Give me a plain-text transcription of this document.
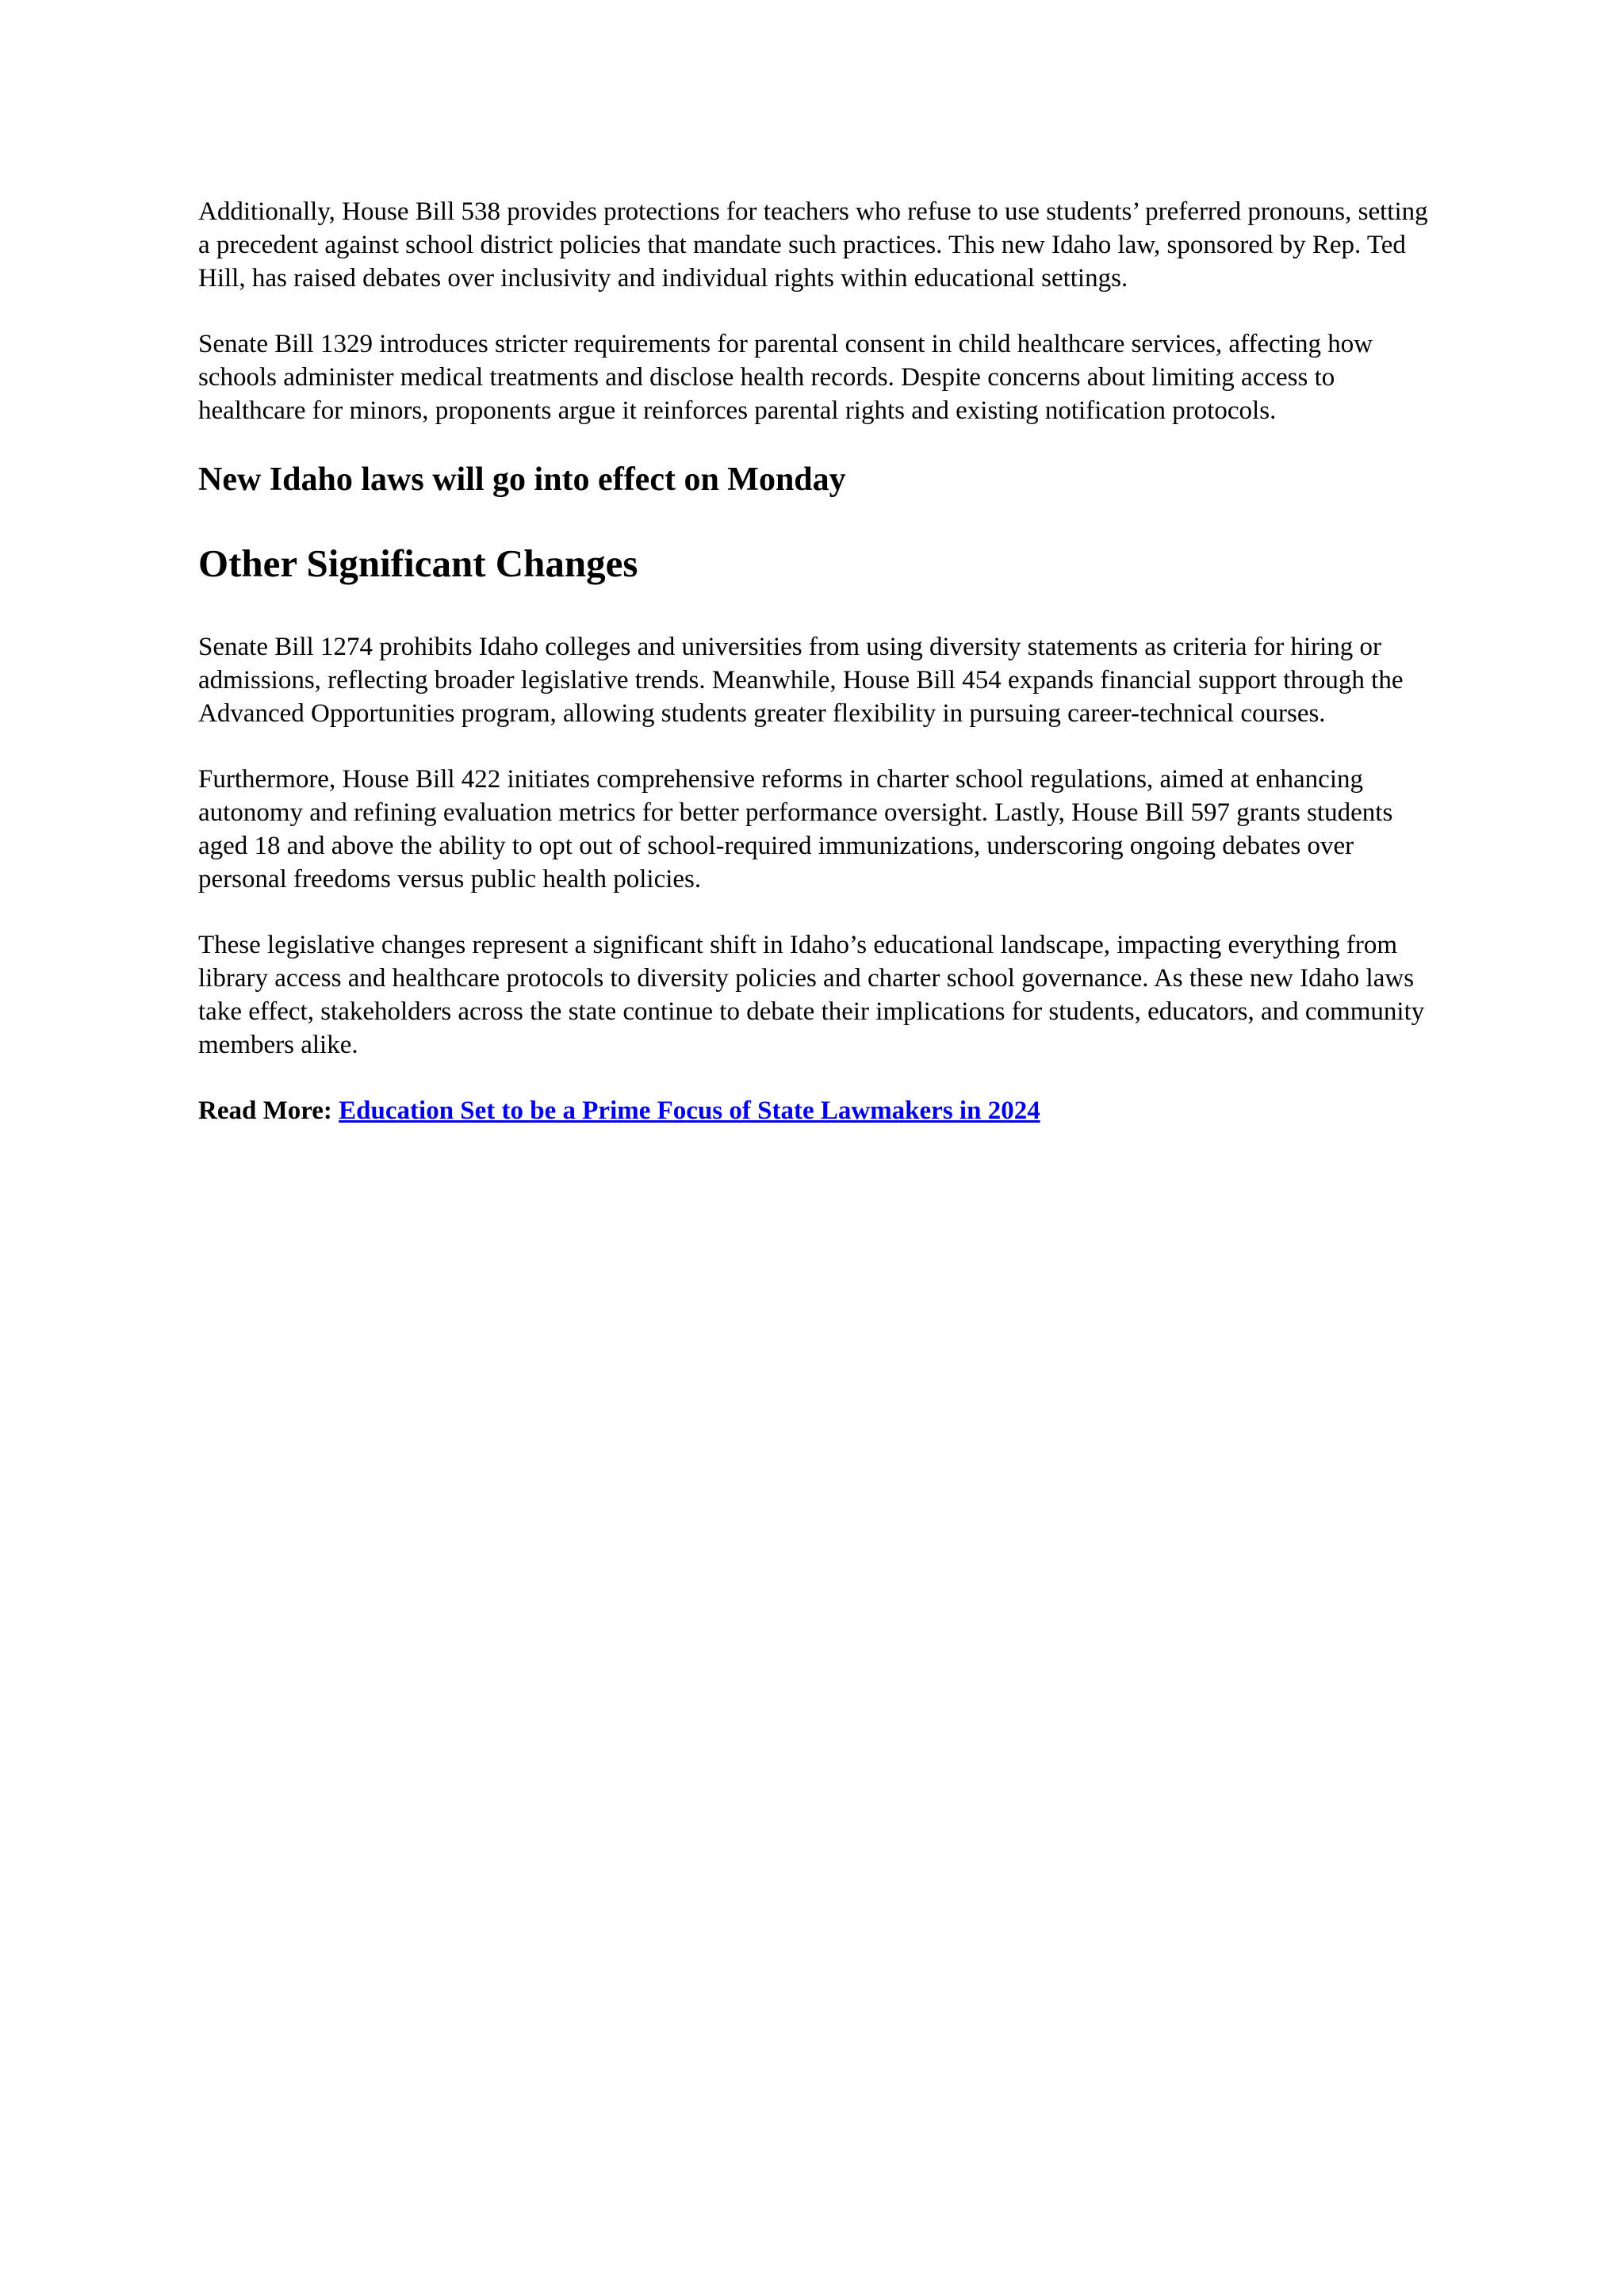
Additionally, House Bill 538 provides protections for teachers who refuse to use students’ preferred pronouns, setting a precedent against school district policies that mandate such practices. This new Idaho law, sponsored by Rep. Ted Hill, has raised debates over inclusivity and individual rights within educational settings.

Senate Bill 1329 introduces stricter requirements for parental consent in child healthcare services, affecting how schools administer medical treatments and disclose health records. Despite concerns about limiting access to healthcare for minors, proponents argue it reinforces parental rights and existing notification protocols.

New Idaho laws will go into effect on Monday
Other Significant Changes

Senate Bill 1274 prohibits Idaho colleges and universities from using diversity statements as criteria for hiring or admissions, reflecting broader legislative trends. Meanwhile, House Bill 454 expands financial support through the Advanced Opportunities program, allowing students greater flexibility in pursuing career-technical courses.

Furthermore, House Bill 422 initiates comprehensive reforms in charter school regulations, aimed at enhancing autonomy and refining evaluation metrics for better performance oversight. Lastly, House Bill 597 grants students aged 18 and above the ability to opt out of school-required immunizations, underscoring ongoing debates over personal freedoms versus public health policies.

These legislative changes represent a significant shift in Idaho’s educational landscape, impacting everything from library access and healthcare protocols to diversity policies and charter school governance. As these new Idaho laws take effect, stakeholders across the state continue to debate their implications for students, educators, and community members alike.

Read More: Education Set to be a Prime Focus of State Lawmakers in 2024
